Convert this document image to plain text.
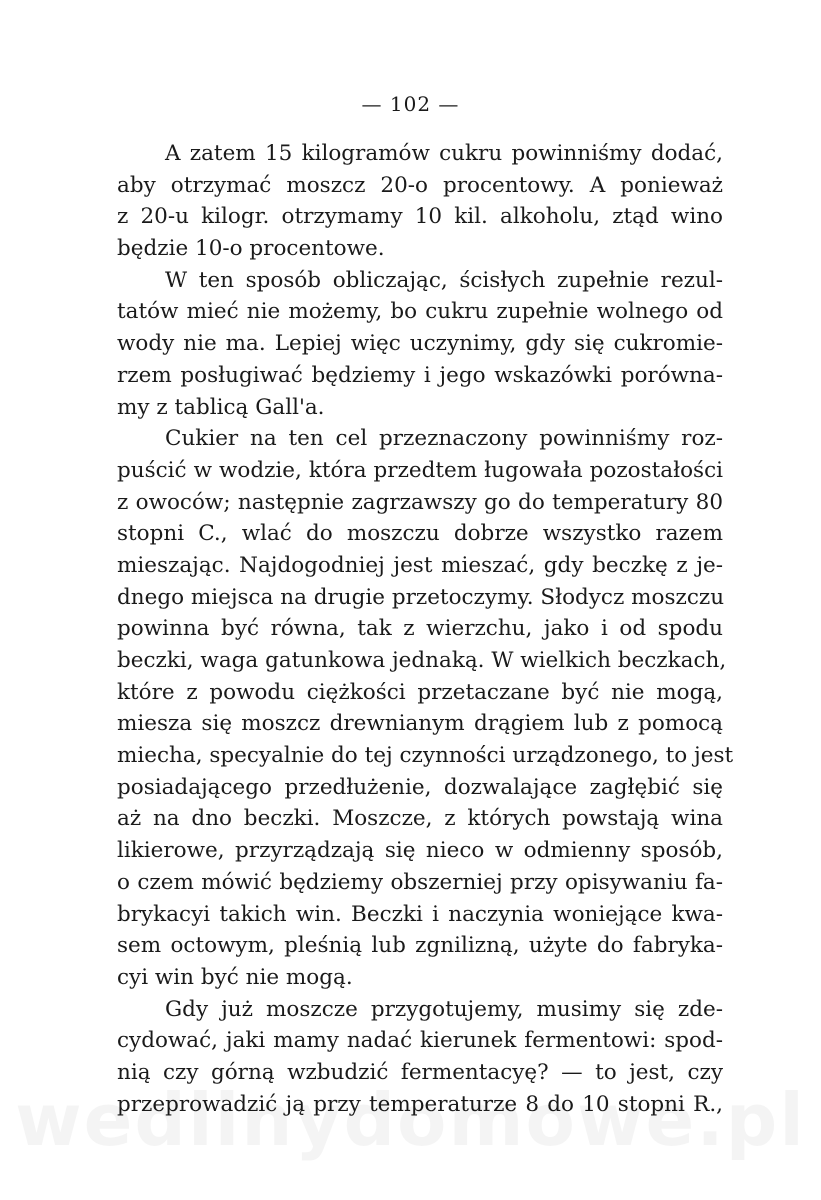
— 102 —
A zatem 15 kilogramów cukru powinniśmy dodać,
aby otrzymać moszcz 20-o procentowy. A ponieważ
z 20-u kilogr. otrzymamy 10 kil. alkoholu, ztąd wino
będzie 10-o procentowe.
W ten sposób obliczając, ścisłych zupełnie rezul-
tatów mieć nie możemy, bo cukru zupełnie wolnego od
wody nie ma. Lepiej więc uczynimy, gdy się cukromie-
rzem posługiwać będziemy i jego wskazówki porówna-
my z tablicą Gall'a.
Cukier na ten cel przeznaczony powinniśmy roz-
puścić w wodzie, która przedtem ługowała pozostałości
z owoców; następnie zagrzawszy go do temperatury 80
stopni C., wlać do moszczu dobrze wszystko razem
mieszając. Najdogodniej jest mieszać, gdy beczkę z je-
dnego miejsca na drugie przetoczymy. Słodycz moszczu
powinna być równa, tak z wierzchu, jako i od spodu
beczki, waga gatunkowa jednaką. W wielkich beczkach,
które z powodu ciężkości przetaczane być nie mogą,
miesza się moszcz drewnianym drągiem lub z pomocą
miecha, specyalnie do tej czynności urządzonego, to jest
posiadającego przedłużenie, dozwalające zagłębić się
aż na dno beczki. Moszcze, z których powstają wina
likierowe, przyrządzają się nieco w odmienny sposób,
o czem mówić będziemy obszerniej przy opisywaniu fa-
brykacyi takich win. Beczki i naczynia woniejące kwa-
sem octowym, pleśnią lub zgnilizną, użyte do fabryka-
cyi win być nie mogą.
Gdy już moszcze przygotujemy, musimy się zde-
cydować, jaki mamy nadać kierunek fermentowi: spod-
nią czy górną wzbudzić fermentacyę? — to jest, czy
przeprowadzić ją przy temperaturze 8 do 10 stopni R.,
